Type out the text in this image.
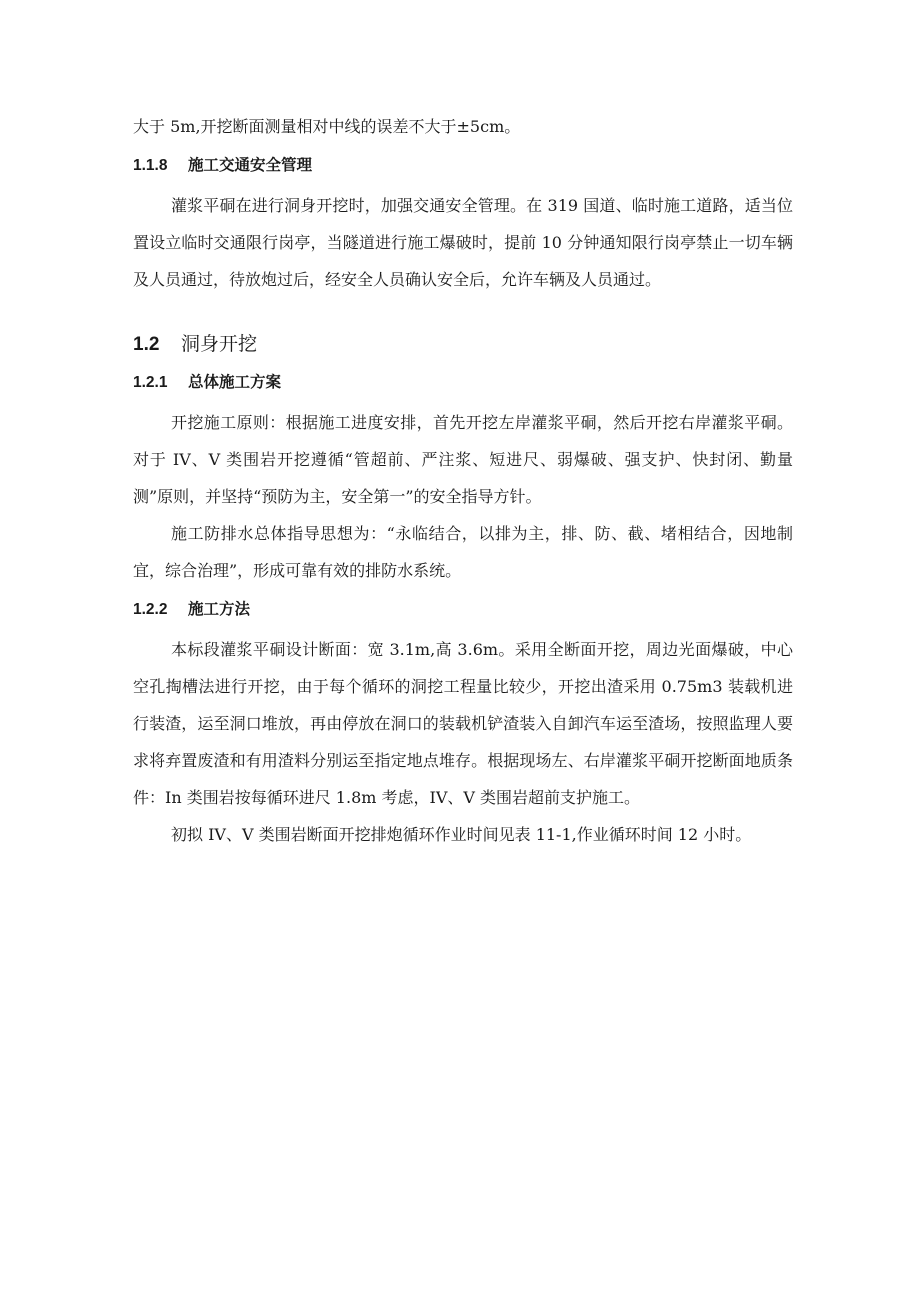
大于 5m,开挖断面测量相对中线的误差不大于±5cm。

1.1.8 施工交通安全管理

灌浆平硐在进行洞身开挖时，加强交通安全管理。在 319 国道、临时施工道路，适当位置设立临时交通限行岗亭，当隧道进行施工爆破时，提前 10 分钟通知限行岗亭禁止一切车辆及人员通过，待放炮过后，经安全人员确认安全后，允许车辆及人员通过。

1.2 洞身开挖
1.2.1 总体施工方案

开挖施工原则：根据施工进度安排，首先开挖左岸灌浆平硐，然后开挖右岸灌浆平硐。对于 IV、V 类围岩开挖遵循“管超前、严注浆、短进尺、弱爆破、强支护、快封闭、勤量测”原则，并坚持“预防为主，安全第一”的安全指导方针。

施工防排水总体指导思想为：“永临结合，以排为主，排、防、截、堵相结合，因地制宜，综合治理”，形成可靠有效的排防水系统。

1.2.2 施工方法

本标段灌浆平硐设计断面：宽 3.1m,高 3.6m。采用全断面开挖，周边光面爆破，中心空孔掏槽法进行开挖，由于每个循环的洞挖工程量比较少，开挖出渣采用 0.75m3 装载机进行装渣，运至洞口堆放，再由停放在洞口的装载机铲渣装入自卸汽车运至渣场，按照监理人要求将弃置废渣和有用渣料分别运至指定地点堆存。根据现场左、右岸灌浆平硐开挖断面地质条件：In 类围岩按每循环进尺 1.8m 考虑，IV、V 类围岩超前支护施工。

初拟 IV、V 类围岩断面开挖排炮循环作业时间见表 11-1,作业循环时间 12 小时。
